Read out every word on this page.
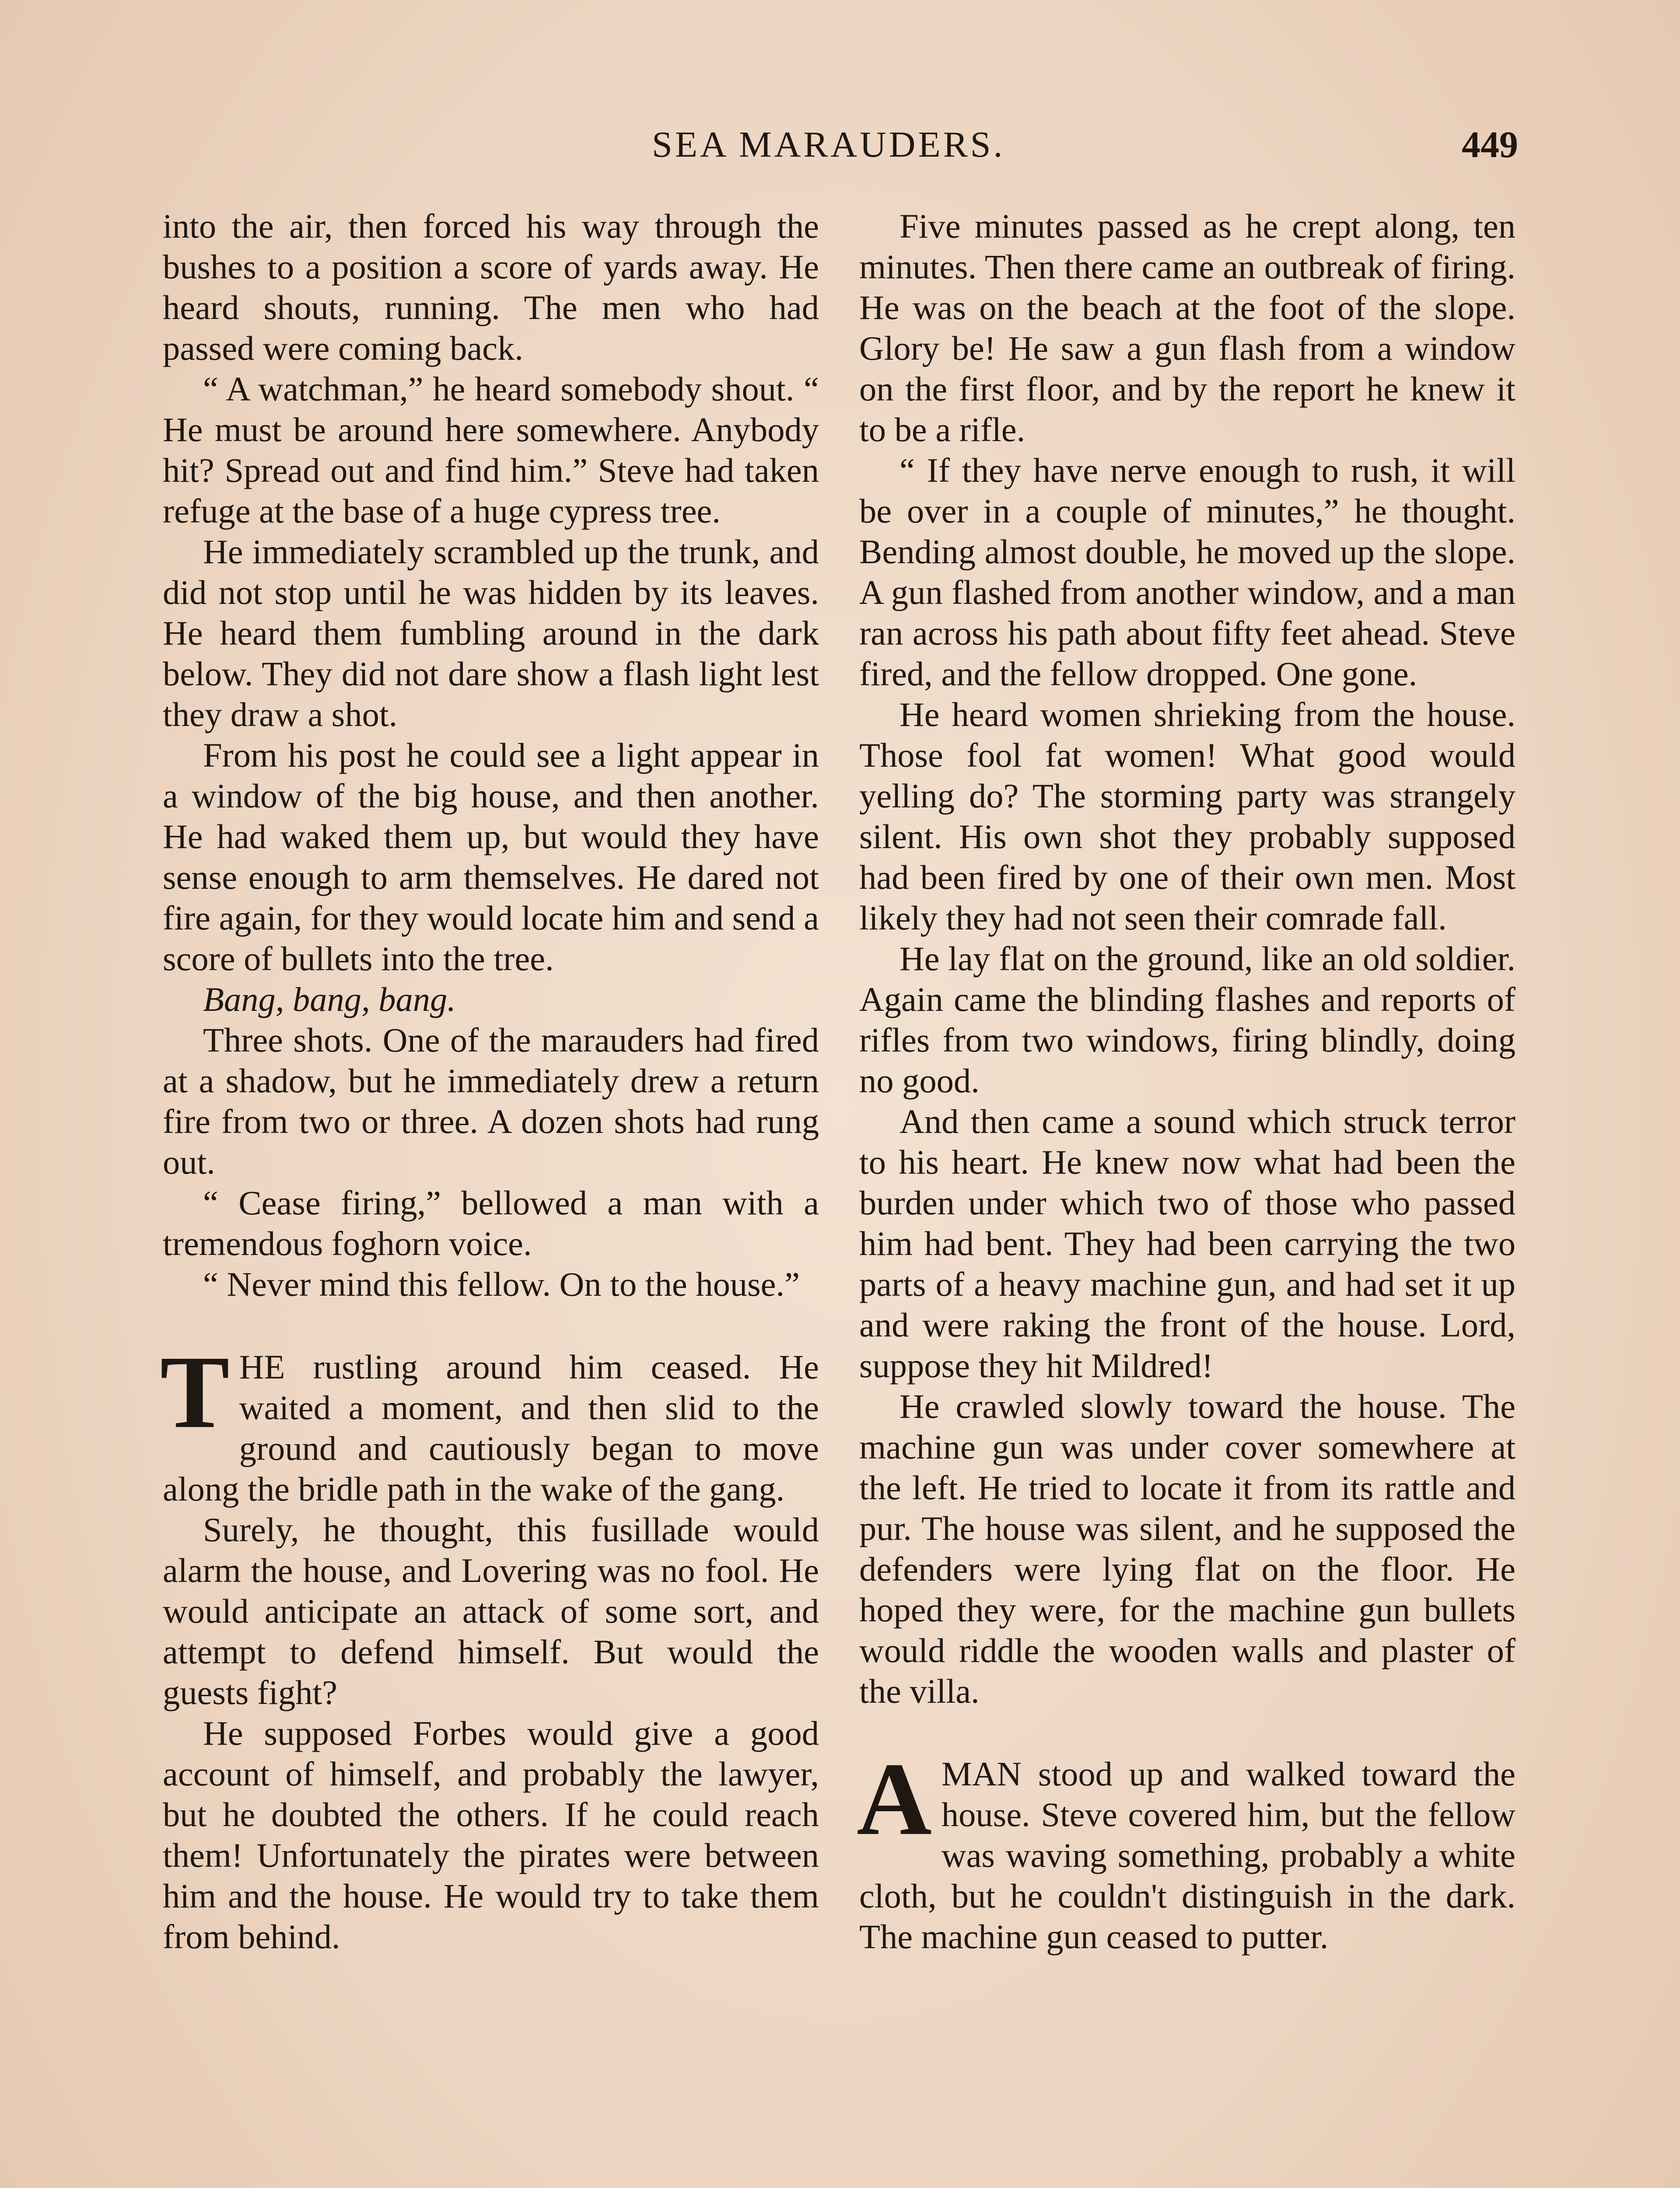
SEA MARAUDERS.	449

into the air, then forced his way through the bushes to a position a score of yards away. He heard shouts, running. The men who had passed were coming back.

“ A watchman,” he heard somebody shout. “ He must be around here somewhere. Anybody hit? Spread out and find him.” Steve had taken refuge at the base of a huge cypress tree.

He immediately scrambled up the trunk, and did not stop until he was hidden by its leaves. He heard them fumbling around in the dark below. They did not dare show a flash light lest they draw a shot.

From his post he could see a light appear in a window of the big house, and then another. He had waked them up, but would they have sense enough to arm themselves. He dared not fire again, for they would locate him and send a score of bullets into the tree.

Bang, bang, bang.

Three shots. One of the marauders had fired at a shadow, but he immediately drew a return fire from two or three. A dozen shots had rung out.

“ Cease firing,” bellowed a man with a tremendous foghorn voice.

“ Never mind this fellow. On to the house.”

THE rustling around him ceased. He waited a moment, and then slid to the ground and cautiously began to move along the bridle path in the wake of the gang.

Surely, he thought, this fusillade would alarm the house, and Lovering was no fool. He would anticipate an attack of some sort, and attempt to defend himself. But would the guests fight?

He supposed Forbes would give a good account of himself, and probably the lawyer, but he doubted the others. If he could reach them! Unfortunately the pirates were between him and the house. He would try to take them from behind.

Five minutes passed as he crept along, ten minutes. Then there came an outbreak of firing. He was on the beach at the foot of the slope. Glory be! He saw a gun flash from a window on the first floor, and by the report he knew it to be a rifle.

“ If they have nerve enough to rush, it will be over in a couple of minutes,” he thought. Bending almost double, he moved up the slope. A gun flashed from another window, and a man ran across his path about fifty feet ahead. Steve fired, and the fellow dropped. One gone.

He heard women shrieking from the house. Those fool fat women! What good would yelling do? The storming party was strangely silent. His own shot they probably supposed had been fired by one of their own men. Most likely they had not seen their comrade fall.

He lay flat on the ground, like an old soldier. Again came the blinding flashes and reports of rifles from two windows, firing blindly, doing no good.

And then came a sound which struck terror to his heart. He knew now what had been the burden under which two of those who passed him had bent. They had been carrying the two parts of a heavy machine gun, and had set it up and were raking the front of the house. Lord, suppose they hit Mildred!

He crawled slowly toward the house. The machine gun was under cover somewhere at the left. He tried to locate it from its rattle and pur. The house was silent, and he supposed the defenders were lying flat on the floor. He hoped they were, for the machine gun bullets would riddle the wooden walls and plaster of the villa.

AMAN stood up and walked toward the house. Steve covered him, but the fellow was waving something, probably a white cloth, but he couldn't distinguish in the dark. The machine gun ceased to putter.
